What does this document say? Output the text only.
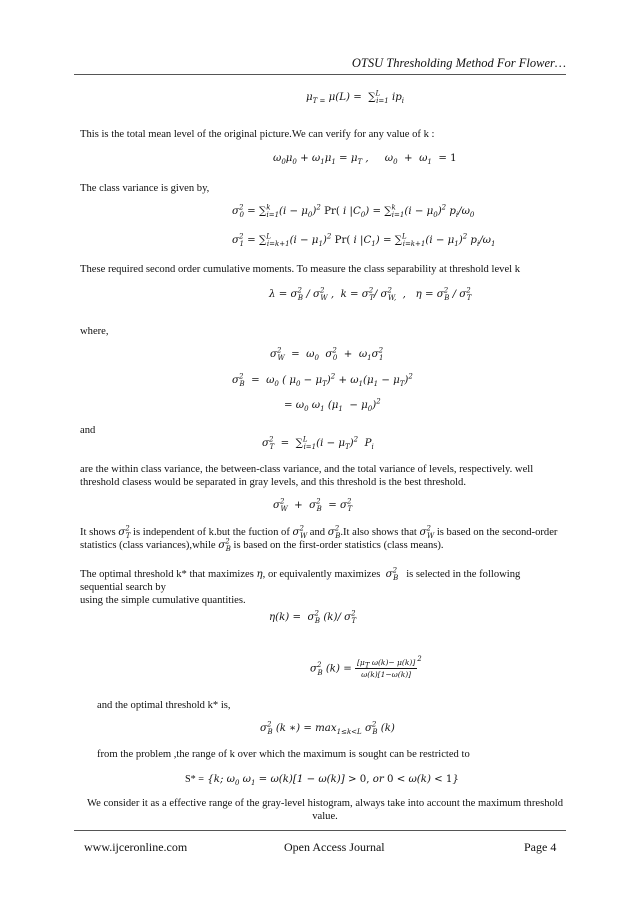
OTSU Thresholding Method For Flower…
$\mu_{T =}$ μ(L) = ∑$^L_{i=1}$ $ip_i$
This is the total mean level of the original picture.We can verify for any value of k :
$\omega_0\mu_0 + \omega_1\mu_1 = \mu_T$ ,     $\omega_0 + \omega_1 = 1$
The class variance is given by,
$\sigma^2_0 = \sum^k_{i=1}(i - \mu_0)^2$ Pr( i $|C_0) = \sum^k_{i=1}(i - \mu_0)^2$ $p_i/\omega_0$
$\sigma^2_1 = \sum^L_{i=k+1}(i - \mu_1)^2$ Pr( i $|C_1) = \sum^L_{i=k+1}(i - \mu_1)^2$ $p_i/\omega_1$
These required second order cumulative moments. To measure the class separability at threshold level k
$\lambda = \sigma^2_B / \sigma^2_W$ ,  $k = \sigma^2_T/$ $\sigma^2_{W,}$  ,   $\eta = \sigma^2_B / \sigma^2_T$
where,
$\sigma^2_W = \omega_0$  $\sigma^2_0 + \omega_1\sigma^2_1$
$\sigma^2_B = \omega_0$ ( $\mu_0 - \mu_T)^2 + \omega_1(\mu_1 - \mu_T)^2$
= $\omega_0$ $\omega_1$ $(\mu_1 - \mu_0)^2$
and
$\sigma^2_T = \sum^L_{i=1}(i - \mu_T)^2$  $P_i$
are the within class variance, the between-class variance, and the total variance of levels, respectively. well threshold clasess would be separated in gray levels, and this threshold is the best threshold.
$\sigma^2_W + \sigma^2_B = \sigma^2_T$
It shows $\sigma^2_T$ is independent of k.but the fuction of $\sigma^2_W$ and $\sigma^2_B.It$ also shows that $\sigma^2_W$ is based on the second-order statistics (class variances),while $\sigma^2_B$ is based on the first-order statistics (class means).
The optimal threshold k* that maximizes η, or equivalently maximizes $\sigma^2_B$ is selected in the following sequential search by
using the simple cumulative quantities.
$\eta(k) = \sigma^2_B$ (k)/ $\sigma^2_T$
$\sigma^2_B$ $(k) = \frac{[\mu_T \omega(k)- \mu(k)]}{\omega(k)[1-\omega(k)]} ^2$
and the optimal threshold k* is,
$\sigma^2_B$ (k ∗) = $\max_{1\le k<L} \sigma^2_B$ (k)
from the problem ,the range of k over which the maximum is sought can be restricted to
S* = {k; $\omega_0$ $\omega_1 = \omega(k)[1 - \omega(k)] > 0$, or 0 < ω(k) < 1}
We consider it as a effective range of the gray-level histogram, always take into account the maximum threshold value.
www.ijceronline.com	Open Access Journal	Page 4
